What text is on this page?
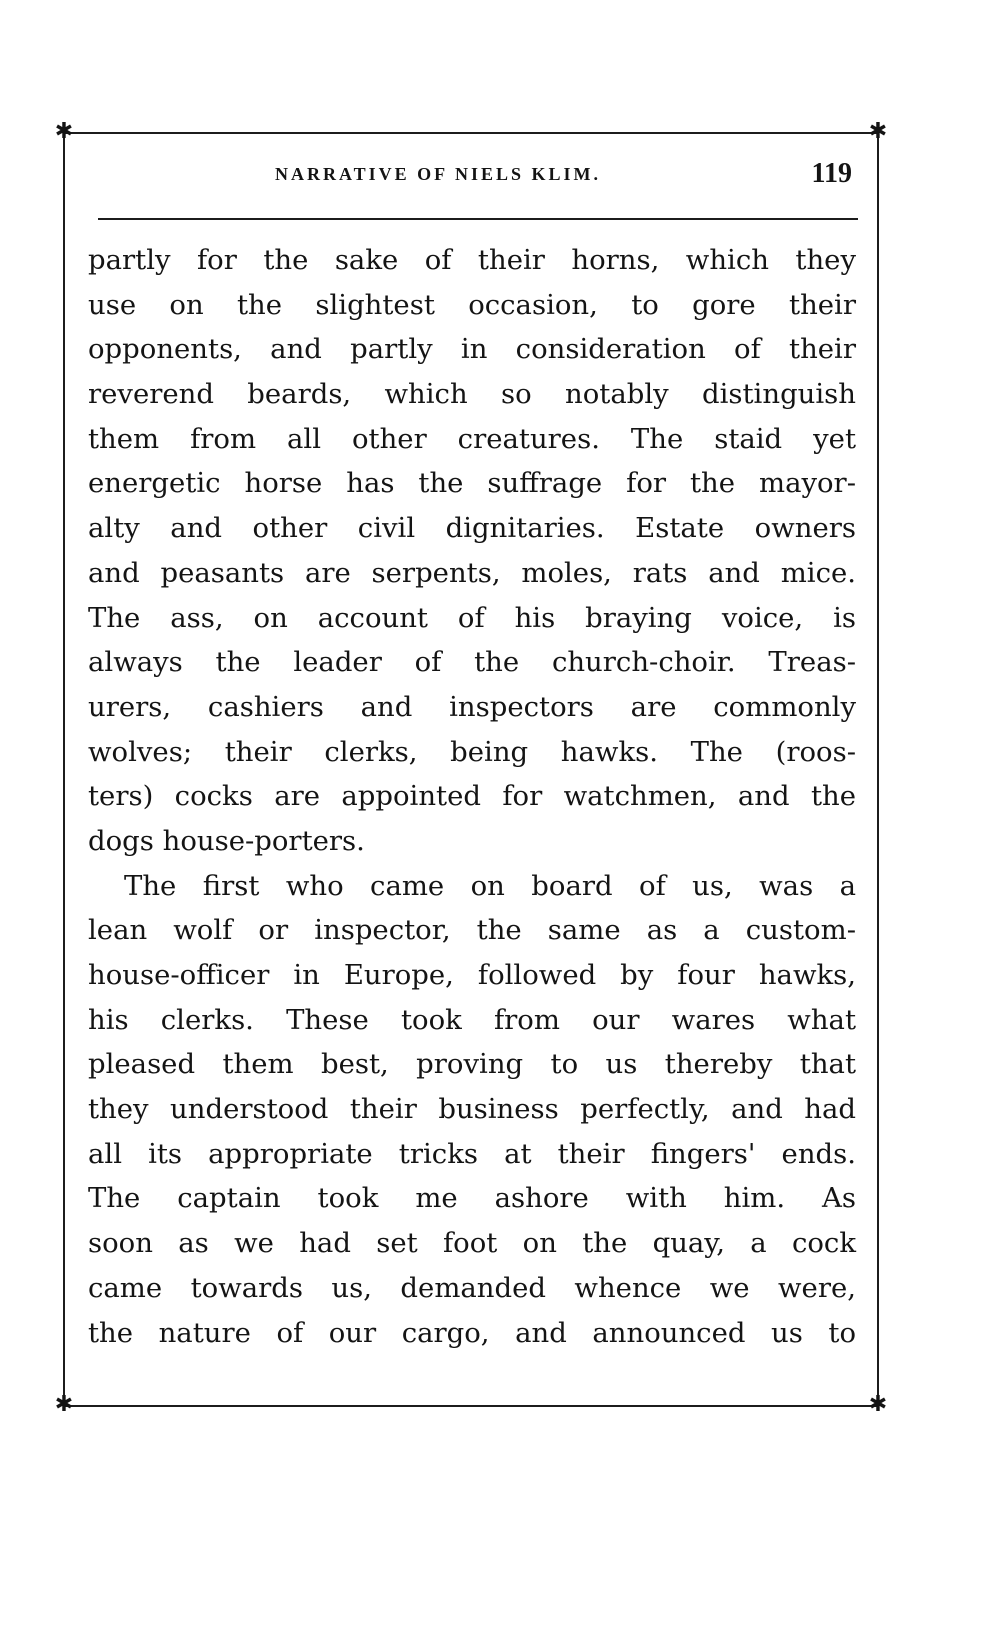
✱	✱
✱	✱
NARRATIVE OF NIELS KLIM.	119
partly for the sake of their horns, which they
use on the slightest occasion, to gore their
opponents, and partly in consideration of their
reverend beards, which so notably distinguish
them from all other creatures. The staid yet
energetic horse has the suffrage for the mayor-
alty and other civil dignitaries. Estate owners
and peasants are serpents, moles, rats and mice.
The ass, on account of his braying voice, is
always the leader of the church-choir. Treas-
urers, cashiers and inspectors are commonly
wolves; their clerks, being hawks. The (roos-
ters) cocks are appointed for watchmen, and the
dogs house-porters.
The first who came on board of us, was a
lean wolf or inspector, the same as a custom-
house-officer in Europe, followed by four hawks,
his clerks. These took from our wares what
pleased them best, proving to us thereby that
they understood their business perfectly, and had
all its appropriate tricks at their fingers' ends.
The captain took me ashore with him. As
soon as we had set foot on the quay, a cock
came towards us, demanded whence we were,
the nature of our cargo, and announced us to
